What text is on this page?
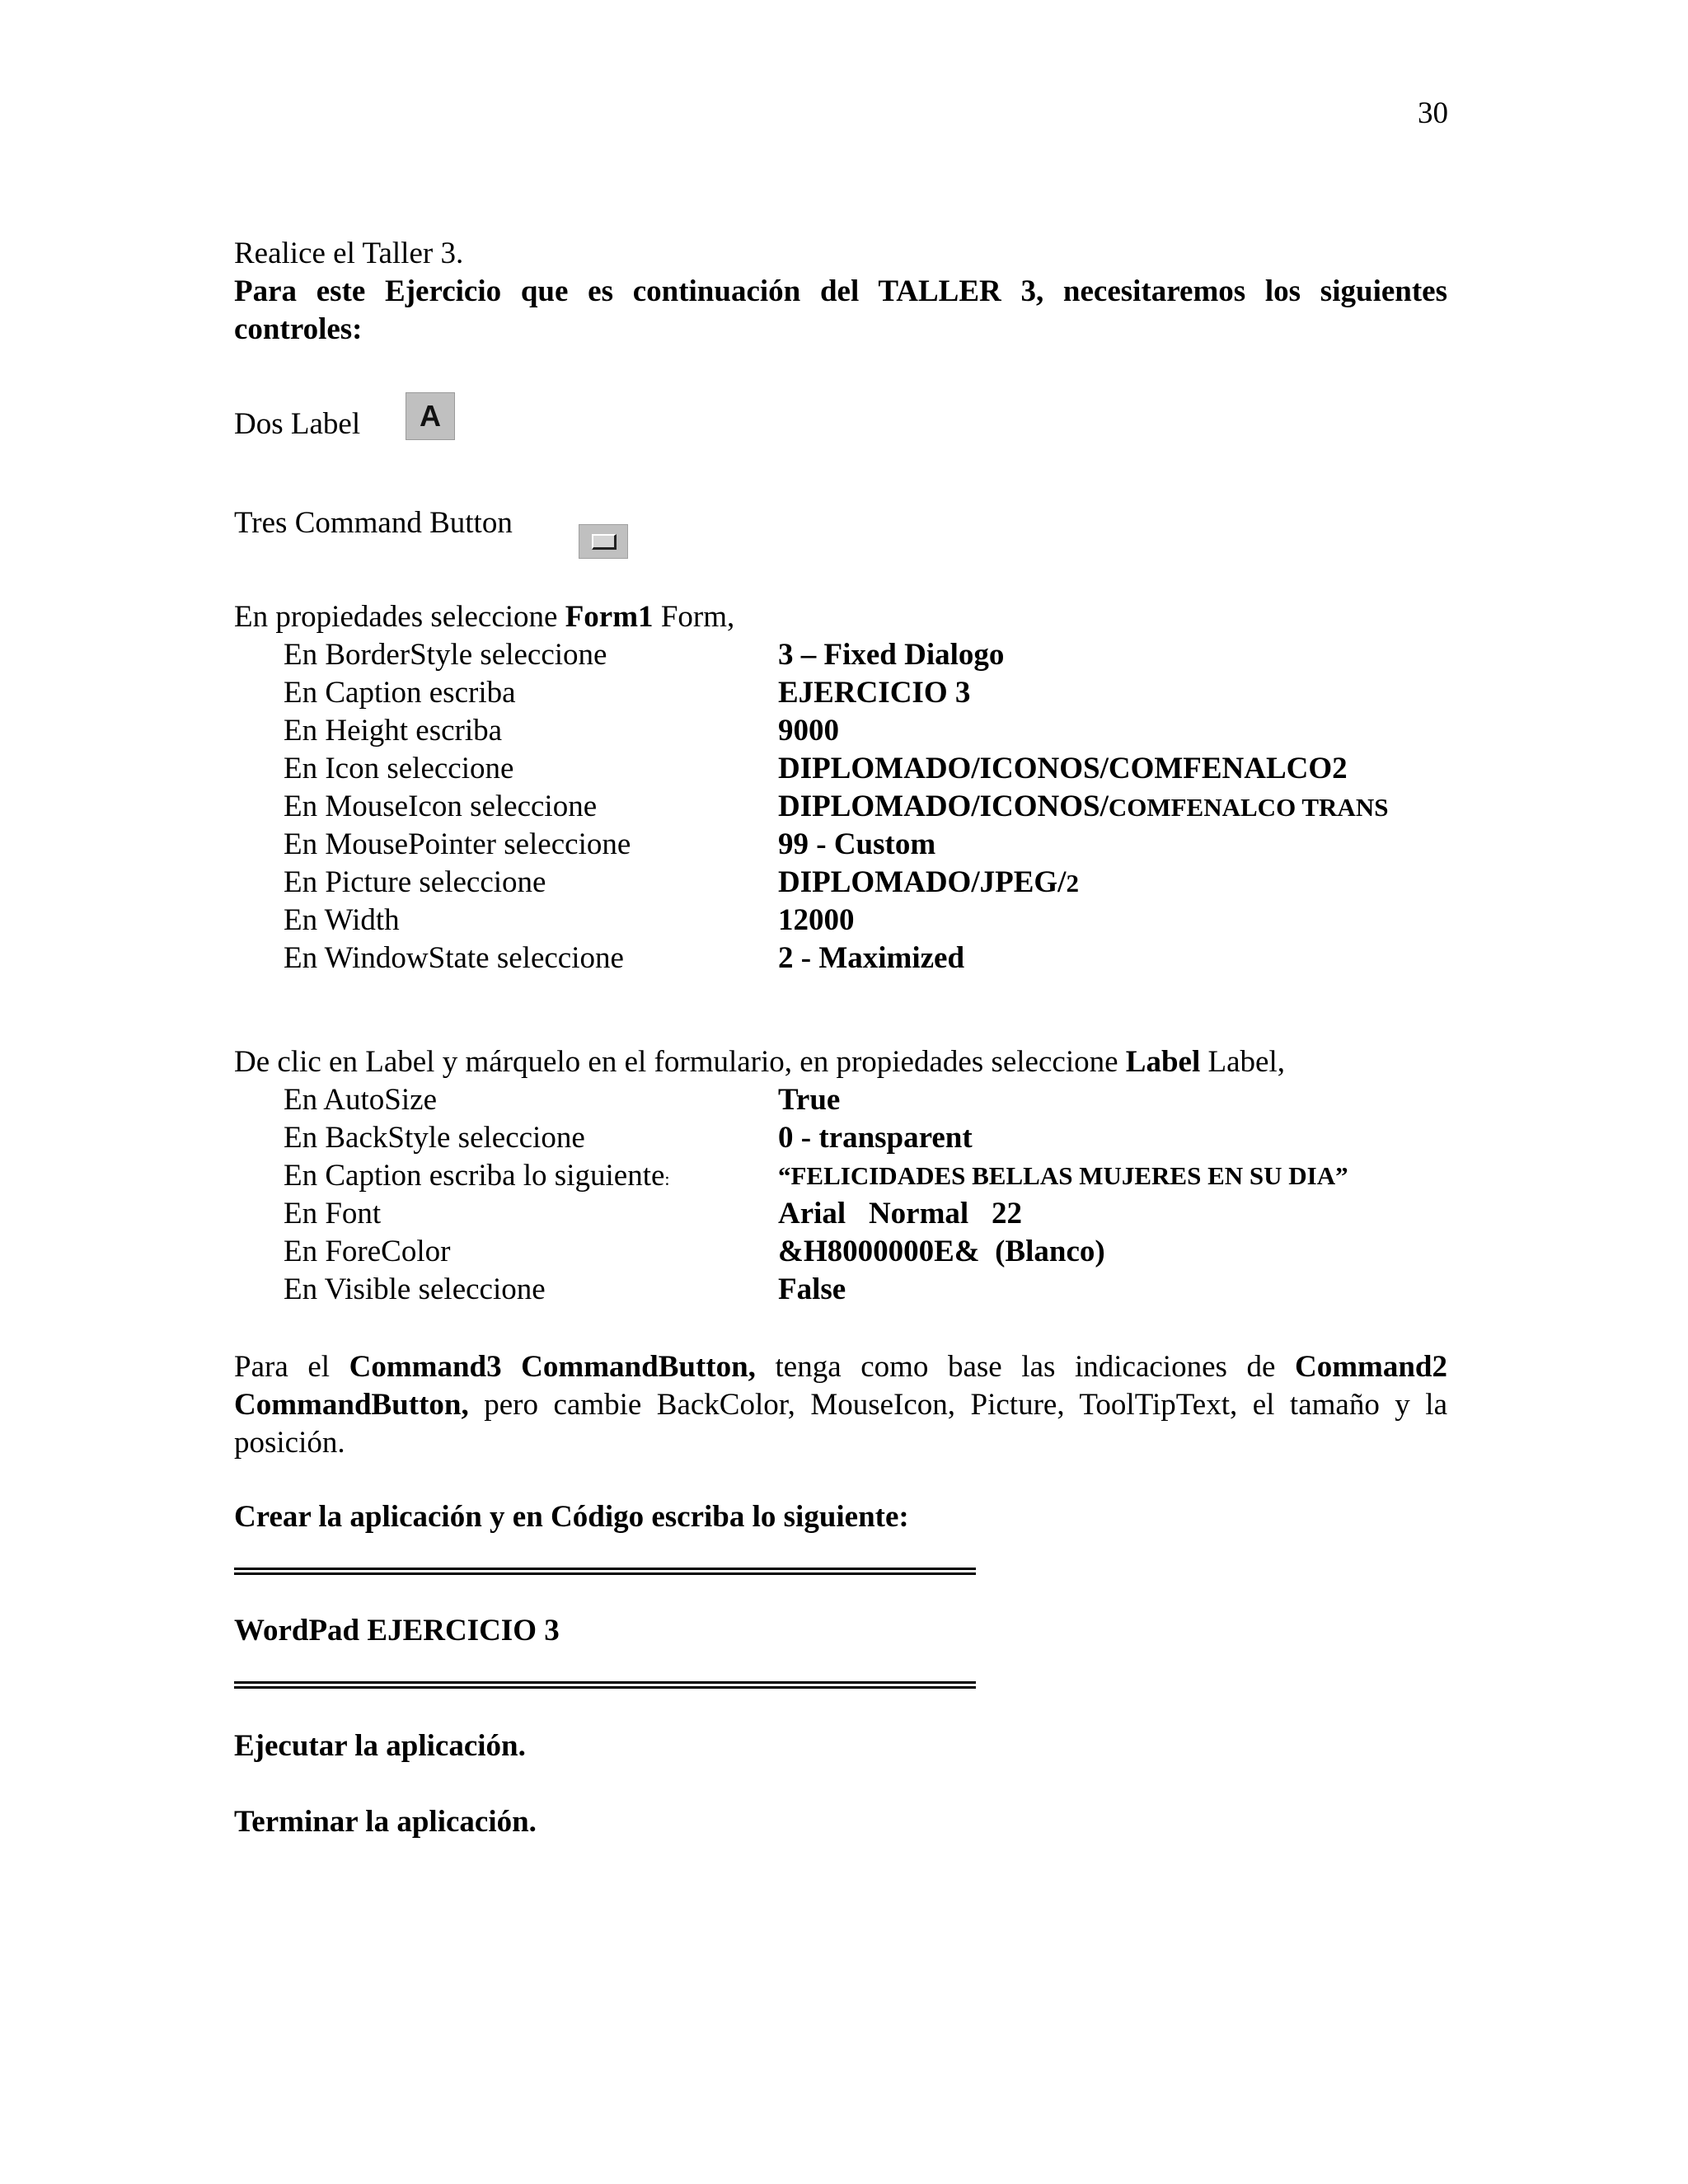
30
Realice el Taller 3.
Para este Ejercicio que es continuación del TALLER 3, necesitaremos los siguientes controles:
Dos Label	A
Tres Command Button
En propiedades seleccione Form1 Form,
En BorderStyle seleccione	3 – Fixed Dialogo
En Caption escriba	EJERCICIO 3
En Height escriba	9000
En Icon seleccione	DIPLOMADO/ICONOS/COMFENALCO2
En MouseIcon seleccione	DIPLOMADO/ICONOS/COMFENALCO TRANS
En MousePointer seleccione	99 - Custom
En Picture seleccione	DIPLOMADO/JPEG/2
En Width	12000
En WindowState seleccione	2 - Maximized
De clic en Label y márquelo en el formulario, en propiedades seleccione Label Label,
En AutoSize	True
En BackStyle seleccione	0 - transparent
En Caption escriba lo siguiente:	“FELICIDADES BELLAS MUJERES EN SU DIA”
En Font	Arial   Normal   22
En ForeColor	&H8000000E&  (Blanco)
En Visible seleccione	False
Para el Command3 CommandButton, tenga como base las indicaciones de Command2 CommandButton, pero cambie BackColor, MouseIcon, Picture, ToolTipText, el tamaño y la posición.
Crear la aplicación y en Código escriba lo siguiente:
WordPad EJERCICIO 3
Ejecutar la aplicación.
Terminar la aplicación.
